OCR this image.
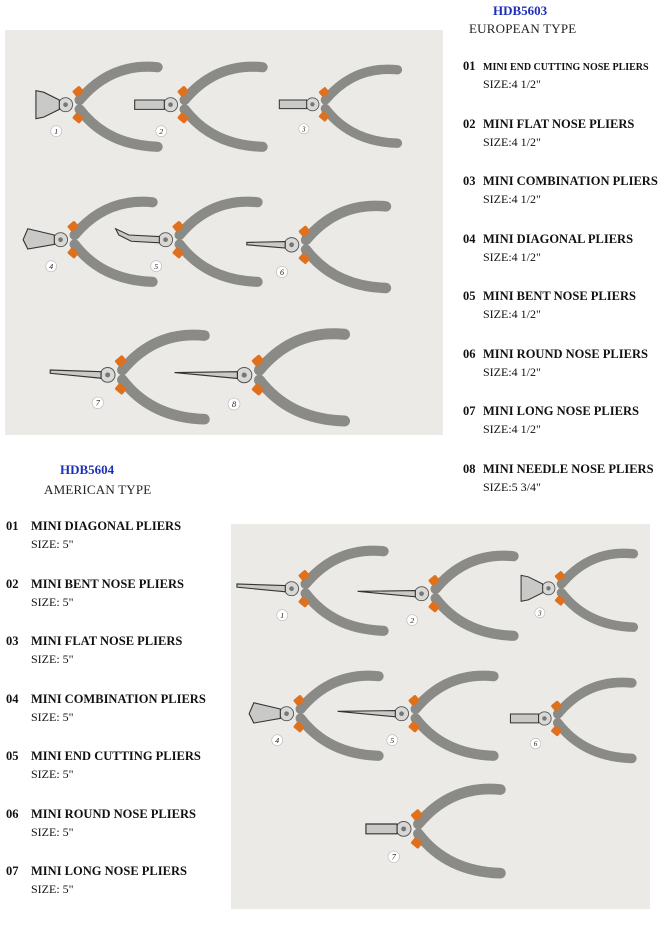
1	2	3
4	5
6
7	8
HDB5603
EUROPEAN TYPE
01 MINI END CUTTING NOSE PLIERS
SIZE:4 1/2"
02 MINI FLAT NOSE PLIERS
SIZE:4 1/2"
03 MINI COMBINATION PLIERS
SIZE:4 1/2"
04 MINI DIAGONAL PLIERS
SIZE:4 1/2"
05 MINI BENT NOSE PLIERS
SIZE:4 1/2"
06 MINI ROUND NOSE PLIERS
SIZE:4 1/2"
07 MINI LONG NOSE PLIERS
SIZE:4 1/2"
08 MINI NEEDLE NOSE PLIERS
SIZE:5 3/4"
HDB5604
AMERICAN TYPE
01 MINI DIAGONAL PLIERS
SIZE: 5"
02 MINI BENT NOSE PLIERS
SIZE: 5"
03 MINI FLAT NOSE PLIERS
SIZE: 5"
04 MINI COMBINATION PLIERS
SIZE: 5"
05 MINI END CUTTING PLIERS
SIZE: 5"
06 MINI ROUND NOSE PLIERS
SIZE: 5"
07 MINI LONG NOSE PLIERS
SIZE: 5"
1
2
3
4	5	6
7
